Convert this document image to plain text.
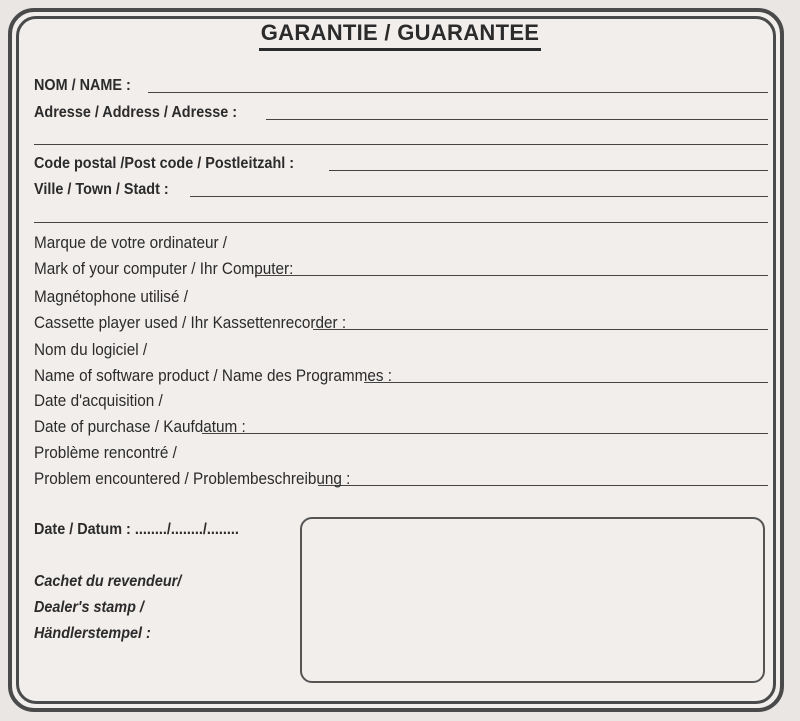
GARANTIE / GUARANTEE
NOM / NAME :
Adresse / Address / Adresse :
Code postal /Post code / Postleitzahl :
Ville / Town / Stadt :
Marque de votre ordinateur /
Mark of your computer / Ihr Computer:
Magnétophone utilisé /
Cassette player used / Ihr Kassettenrecorder :
Nom du logiciel /
Name of software product / Name des Programmes :
Date d'acquisition /
Date of purchase / Kaufdatum :
Problème rencontré /
Problem encountered / Problembeschreibung :
Date / Datum : ......../......../........
Cachet du revendeur/
Dealer's stamp /
Händlerstempel :
